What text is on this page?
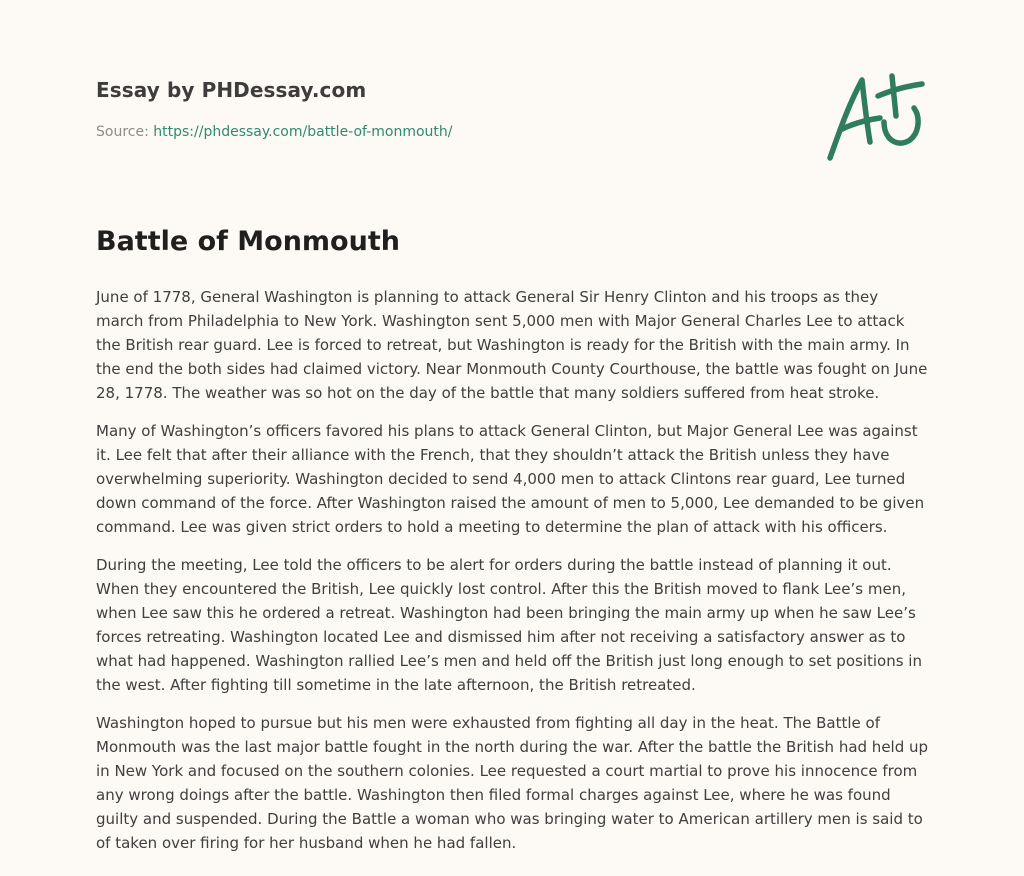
Essay by PHDessay.com
Source: https://phdessay.com/battle-of-monmouth/
Battle of Monmouth

June of 1778, General Washington is planning to attack General Sir Henry Clinton and his troops as they march from Philadelphia to New York. Washington sent 5,000 men with Major General Charles Lee to attack the British rear guard. Lee is forced to retreat, but Washington is ready for the British with the main army. In the end the both sides had claimed victory. Near Monmouth County Courthouse, the battle was fought on June 28, 1778. The weather was so hot on the day of the battle that many soldiers suffered from heat stroke.

Many of Washington’s officers favored his plans to attack General Clinton, but Major General Lee was against it. Lee felt that after their alliance with the French, that they shouldn’t attack the British unless they have overwhelming superiority. Washington decided to send 4,000 men to attack Clintons rear guard, Lee turned down command of the force. After Washington raised the amount of men to 5,000, Lee demanded to be given command. Lee was given strict orders to hold a meeting to determine the plan of attack with his officers.

During the meeting, Lee told the officers to be alert for orders during the battle instead of planning it out. When they encountered the British, Lee quickly lost control. After this the British moved to flank Lee’s men, when Lee saw this he ordered a retreat. Washington had been bringing the main army up when he saw Lee’s forces retreating. Washington located Lee and dismissed him after not receiving a satisfactory answer as to what had happened. Washington rallied Lee’s men and held off the British just long enough to set positions in the west. After fighting till sometime in the late afternoon, the British retreated.

Washington hoped to pursue but his men were exhausted from fighting all day in the heat. The Battle of Monmouth was the last major battle fought in the north during the war. After the battle the British had held up in New York and focused on the southern colonies. Lee requested a court martial to prove his innocence from any wrong doings after the battle. Washington then filed formal charges against Lee, where he was found guilty and suspended. During the Battle a woman who was bringing water to American artillery men is said to of taken over firing for her husband when he had fallen.
